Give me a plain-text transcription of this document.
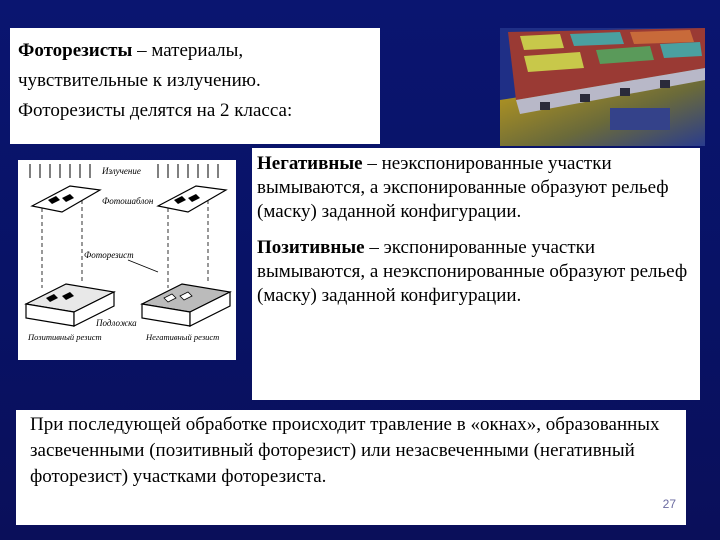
Фоторезисты – материалы,
чувствительные к излучению.
Фоторезисты делятся на 2 класса:
Излучение
Фотошаблон
Фоторезист
Подложка
Позитивный резист	Негативный резист

Негативные – неэкспонированные участки вымываются, а экспонированные образуют рельеф (маску) заданной конфигурации.

Позитивные – экспонированные участки вымываются, а неэкспонированные образуют рельеф (маску) заданной конфигурации.

При последующей обработке происходит травление в «окнах», образованных засвеченными (позитивный фоторезист) или незасвеченными (негативный фоторезист) участками фоторезиста.
27
